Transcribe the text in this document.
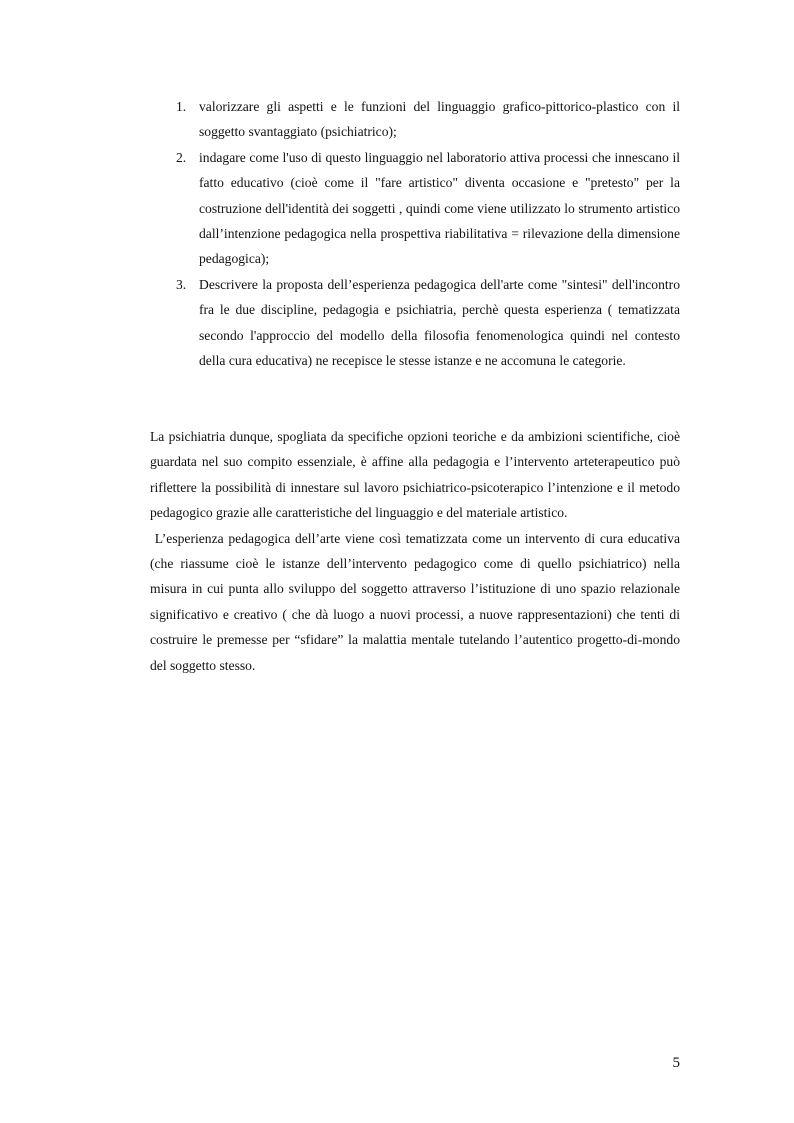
1. valorizzare gli aspetti e le funzioni del linguaggio grafico-pittorico-plastico con il soggetto svantaggiato (psichiatrico);
2. indagare come l'uso di questo linguaggio nel laboratorio attiva processi che innescano il fatto educativo (cioè come il "fare artistico" diventa occasione e "pretesto" per la costruzione dell'identità dei soggetti , quindi come viene utilizzato lo strumento artistico dall’intenzione pedagogica nella prospettiva riabilitativa = rilevazione della dimensione pedagogica);
3. Descrivere la proposta dell’esperienza pedagogica dell'arte come "sintesi" dell'incontro fra le due discipline, pedagogia e psichiatria, perchè questa esperienza ( tematizzata secondo l'approccio del modello della filosofia fenomenologica quindi nel contesto della cura educativa) ne recepisce le stesse istanze e ne accomuna le categorie.

La psichiatria dunque, spogliata da specifiche opzioni teoriche e da ambizioni scientifiche, cioè guardata nel suo compito essenziale, è affine alla pedagogia e l’intervento arteterapeutico può riflettere la possibilità di innestare sul lavoro psichiatrico-psicoterapico l’intenzione e il metodo pedagogico grazie alle caratteristiche del linguaggio e del materiale artistico.

L’esperienza pedagogica dell’arte viene così tematizzata come un intervento di cura educativa (che riassume cioè le istanze dell’intervento pedagogico come di quello psichiatrico) nella misura in cui punta allo sviluppo del soggetto attraverso l’istituzione di uno spazio relazionale significativo e creativo ( che dà luogo a nuovi processi, a nuove rappresentazioni) che tenti di costruire le premesse per “sfidare” la malattia mentale tutelando l’autentico progetto-di-mondo del soggetto stesso.

5
